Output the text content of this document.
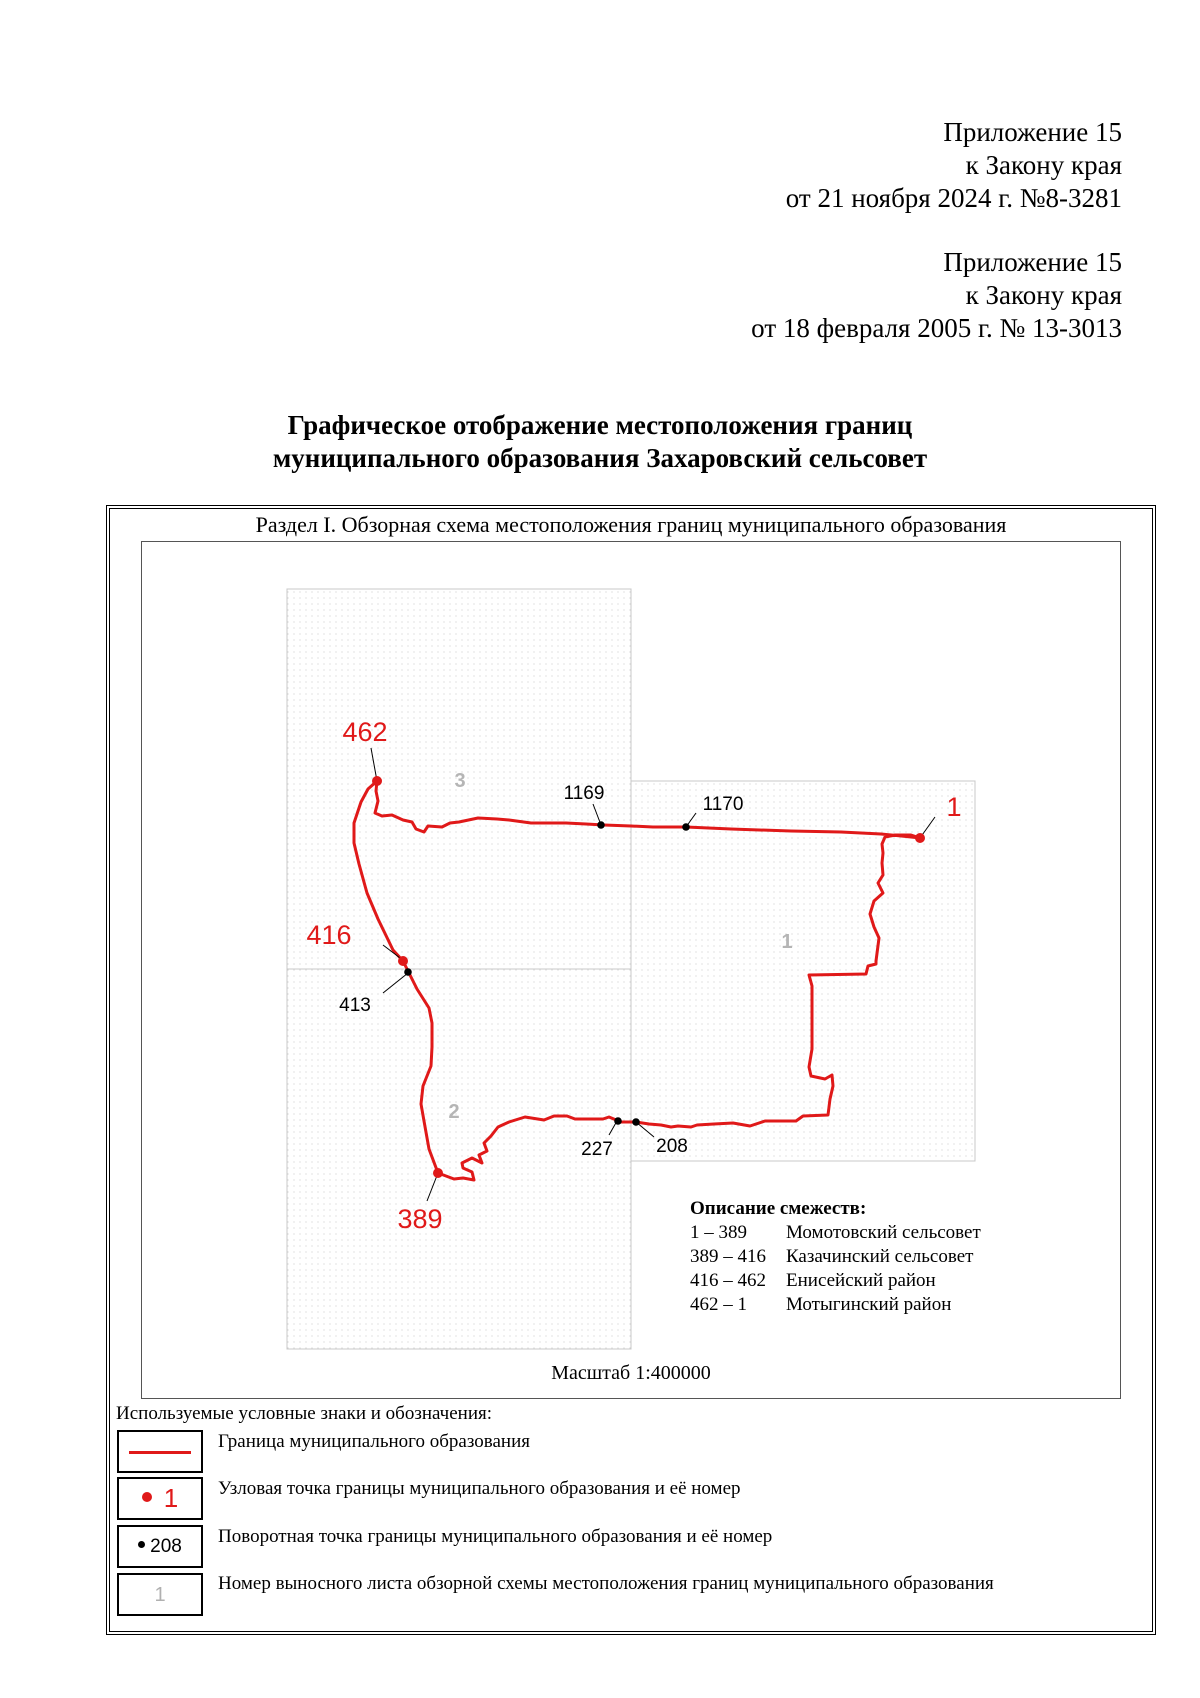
Приложение 15
к Закону края
от 21 ноября 2024 г. №8-3281
Приложение 15
к Закону края
от 18 февраля 2005 г. № 13-3013
Графическое отображение местоположения границ
муниципального образования Захаровский сельсовет
Раздел I. Обзорная схема местоположения границ муниципального образования
3
2
1
1
462
416
389
1169
1170
413
227 208
Описание смежеств:
1 – 389 Момотовский сельсовет
389 – 416 Казачинский сельсовет
416 – 462 Енисейский район
462 – 1 Мотыгинский район
Масштаб 1:400000
Используемые условные знаки и обозначения:
Граница муниципального образования
1	Узловая точка границы муниципального образования и её номер
208	Поворотная точка границы муниципального образования и её номер
1
Номер выносного листа обзорной схемы местоположения границ муниципального образования
